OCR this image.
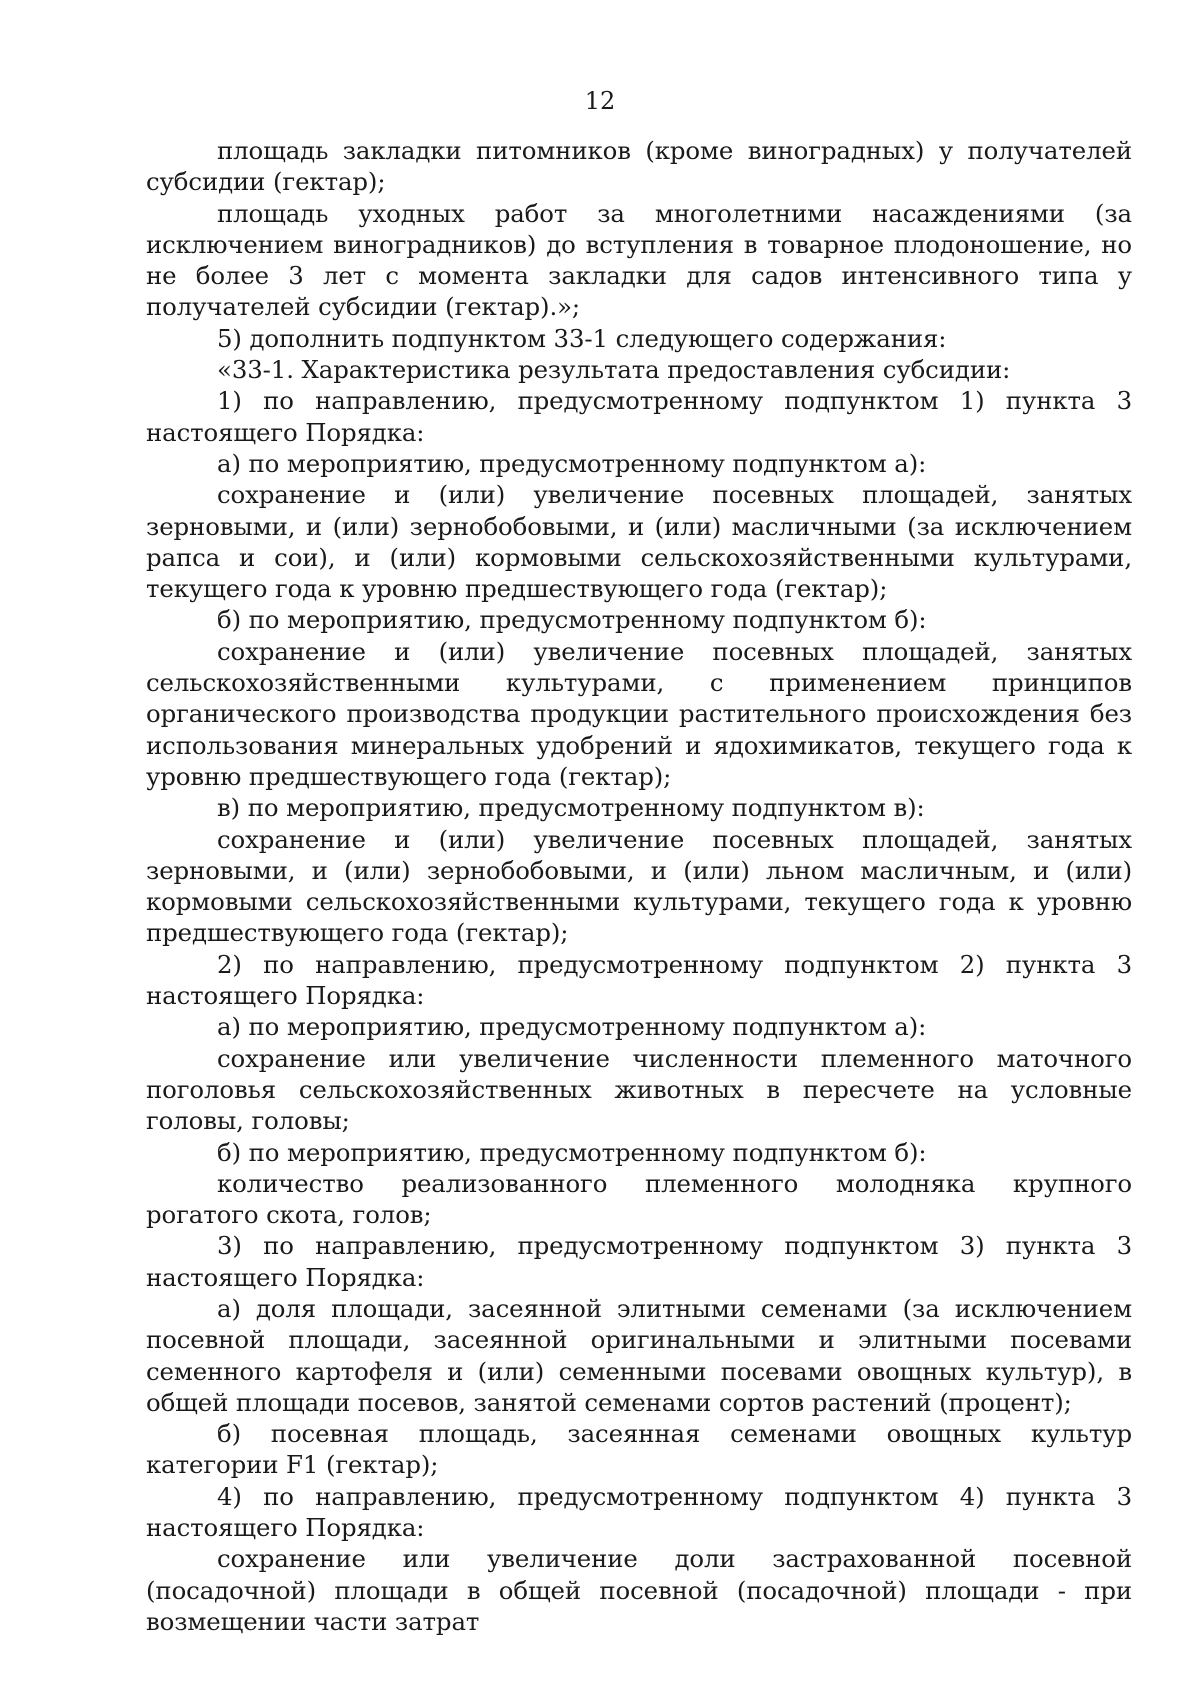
12

площадь закладки питомников (кроме виноградных) у получателей субсидии (гектар);

площадь уходных работ за многолетними насаждениями (за исключением виноградников) до вступления в товарное плодоношение, но не более 3 лет с момента закладки для садов интенсивного типа у получателей субсидии (гектар).»;

5) дополнить подпунктом 33-1 следующего содержания:

«33-1. Характеристика результата предоставления субсидии:

1) по направлению, предусмотренному подпунктом 1) пункта 3 настоящего Порядка:

а) по мероприятию, предусмотренному подпунктом а):

сохранение и (или) увеличение посевных площадей, занятых зерновыми, и (или) зернобобовыми, и (или) масличными (за исключением рапса и сои), и (или) кормовыми сельскохозяйственными культурами, текущего года к уровню предшествующего года (гектар);

б) по мероприятию, предусмотренному подпунктом б):

сохранение и (или) увеличение посевных площадей, занятых сельскохозяйственными культурами, с применением принципов органического производства продукции растительного происхождения без использования минеральных удобрений и ядохимикатов, текущего года к уровню предшествующего года (гектар);

в) по мероприятию, предусмотренному подпунктом в):

сохранение и (или) увеличение посевных площадей, занятых зерновыми, и (или) зернобобовыми, и (или) льном масличным, и (или) кормовыми сельскохозяйственными культурами, текущего года к уровню предшествующего года (гектар);

2) по направлению, предусмотренному подпунктом 2) пункта 3 настоящего Порядка:

а) по мероприятию, предусмотренному подпунктом а):

сохранение или увеличение численности племенного маточного поголовья сельскохозяйственных животных в пересчете на условные головы, головы;

б) по мероприятию, предусмотренному подпунктом б):

количество реализованного племенного молодняка крупного рогатого скота, голов;

3) по направлению, предусмотренному подпунктом 3) пункта 3 настоящего Порядка:

а) доля площади, засеянной элитными семенами (за исключением посевной площади, засеянной оригинальными и элитными посевами семенного картофеля и (или) семенными посевами овощных культур), в общей площади посевов, занятой семенами сортов растений (процент);

б) посевная площадь, засеянная семенами овощных культур категории F1 (гектар);

4) по направлению, предусмотренному подпунктом 4) пункта 3 настоящего Порядка:

сохранение или увеличение доли застрахованной посевной (посадочной) площади в общей посевной (посадочной) площади - при возмещении части затрат
